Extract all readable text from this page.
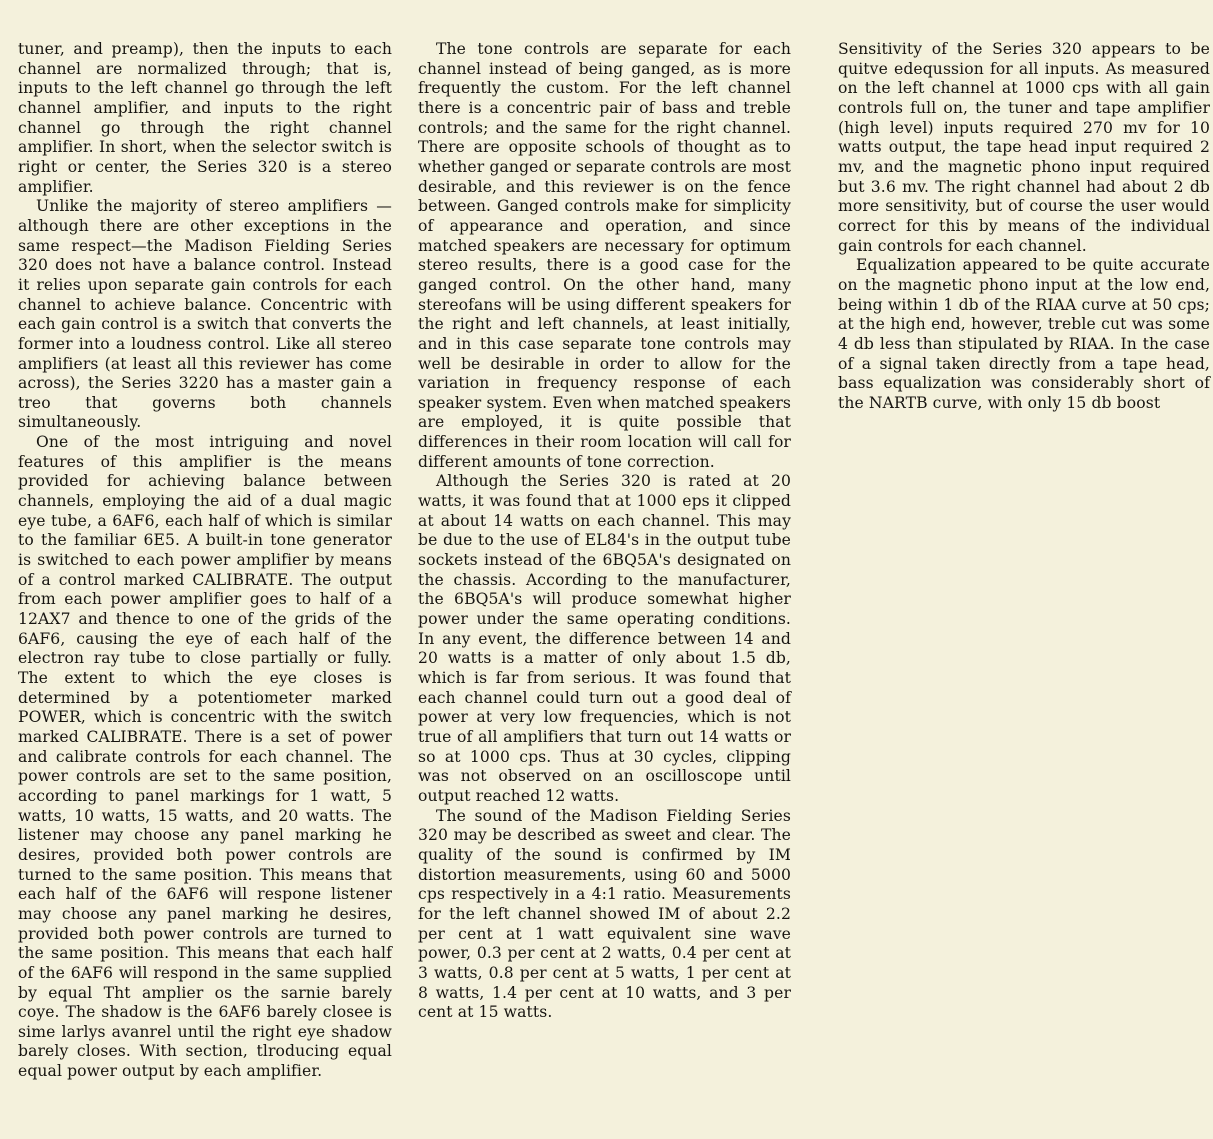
tuner, and preamp), then the inputs to each channel are normalized through; that is, inputs to the left channel go through the left channel amplifier, and inputs to the right channel go through the right channel amplifier. In short, when the selector switch is right or center, the Series 320 is a stereo amplifier.

Unlike the majority of stereo amplifiers —although there are other exceptions in the same respect—the Madison Fielding Series 320 does not have a balance control. Instead it relies upon separate gain controls for each channel to achieve balance. Concentric with each gain control is a switch that converts the former into a loudness control. Like all stereo amplifiers (at least all this reviewer has come across), the Series 3220 has a master gain a treo that governs both channels simultaneously.

One of the most intriguing and novel features of this amplifier is the means provided for achieving balance between channels, employing the aid of a dual magic eye tube, a 6AF6, each half of which is similar to the familiar 6E5. A built-in tone generator is switched to each power amplifier by means of a control marked CALIBRATE. The output from each power amplifier goes to half of a 12AX7 and thence to one of the grids of the 6AF6, causing the eye of each half of the electron ray tube to close partially or fully. The extent to which the eye closes is determined by a potentiometer marked POWER, which is concentric with the switch marked CALIBRATE. There is a set of power and calibrate controls for each channel. The power controls are set to the same position, according to panel markings for 1 watt, 5 watts, 10 watts, 15 watts, and 20 watts. The listener may choose any panel marking he desires, provided both power controls are turned to the same position. This means that each half of the 6AF6 will respone listener may choose any panel marking he desires, provided both power controls are turned to the same position. This means that each half of the 6AF6 will respond in the same supplied by equal Tht amplier os the sarnie barely coye. The shadow is the 6AF6 barely closee is sime larlys avanrel until the right eye shadow barely closes. With section, tlroducing equal equal power output by each amplifier.

The tone controls are separate for each channel instead of being ganged, as is more frequently the custom. For the left channel there is a concentric pair of bass and treble controls; and the same for the right channel. There are opposite schools of thought as to whether ganged or separate controls are most desirable, and this reviewer is on the fence between. Ganged controls make for simplicity of appearance and operation, and since matched speakers are necessary for optimum stereo results, there is a good case for the ganged control. On the other hand, many stereofans will be using different speakers for the right and left channels, at least initially, and in this case separate tone controls may well be desirable in order to allow for the variation in frequency response of each speaker system. Even when matched speakers are employed, it is quite possible that differences in their room location will call for different amounts of tone correction.

Although the Series 320 is rated at 20 watts, it was found that at 1000 eps it clipped at about 14 watts on each channel. This may be due to the use of EL84's in the output tube sockets instead of the 6BQ5A's designated on the chassis. According to the manufacturer, the 6BQ5A's will produce somewhat higher power under the same operating conditions. In any event, the difference between 14 and 20 watts is a matter of only about 1.5 db, which is far from serious. It was found that each channel could turn out a good deal of power at very low frequencies, which is not true of all amplifiers that turn out 14 watts or so at 1000 cps. Thus at 30 cycles, clipping was not observed on an oscilloscope until output reached 12 watts.

The sound of the Madison Fielding Series 320 may be described as sweet and clear. The quality of the sound is confirmed by IM distortion measurements, using 60 and 5000 cps respectively in a 4:1 ratio. Measurements for the left channel showed IM of about 2.2 per cent at 1 watt equivalent sine wave power, 0.3 per cent at 2 watts, 0.4 per cent at 3 watts, 0.8 per cent at 5 watts, 1 per cent at 8 watts, 1.4 per cent at 10 watts, and 3 per cent at 15 watts.

Sensitivity of the Series 320 appears to be quitve edequssion for all inputs. As measured on the left channel at 1000 cps with all gain controls full on, the tuner and tape amplifier (high level) inputs required 270 mv for 10 watts output, the tape head input required 2 mv, and the magnetic phono input required but 3.6 mv. The right channel had about 2 db more sensitivity, but of course the user would correct for this by means of the individual gain controls for each channel.

Equalization appeared to be quite accurate on the magnetic phono input at the low end, being within 1 db of the RIAA curve at 50 cps; at the high end, however, treble cut was some 4 db less than stipulated by RIAA. In the case of a signal taken directly from a tape head, bass equalization was considerably short of the NARTB curve, with only 15 db boost
